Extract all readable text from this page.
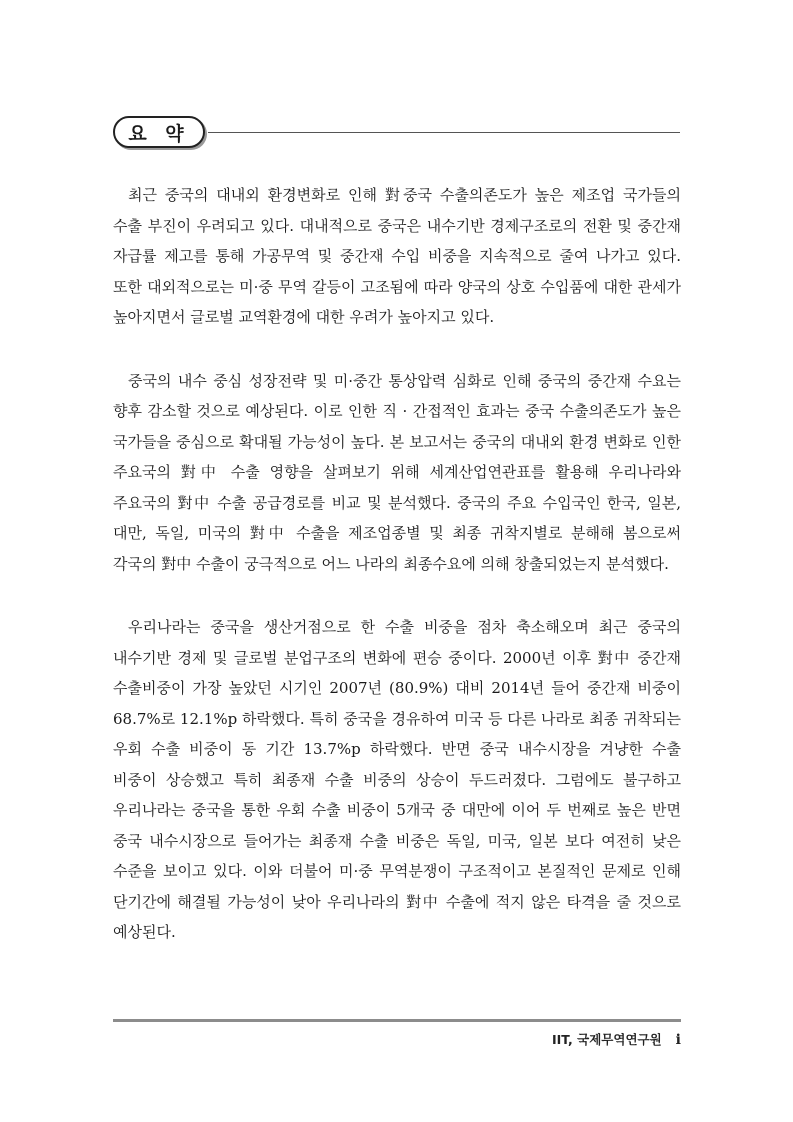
요 약

최근 중국의 대내외 환경변화로 인해 對중국 수출의존도가 높은 제조업 국가들의 수출 부진이 우려되고 있다. 대내적으로 중국은 내수기반 경제구조로의 전환 및 중간재 자급률 제고를 통해 가공무역 및 중간재 수입 비중을 지속적으로 줄여 나가고 있다. 또한 대외적으로는 미·중 무역 갈등이 고조됨에 따라 양국의 상호 수입품에 대한 관세가 높아지면서 글로벌 교역환경에 대한 우려가 높아지고 있다.

중국의 내수 중심 성장전략 및 미·중간 통상압력 심화로 인해 중국의 중간재 수요는 향후 감소할 것으로 예상된다. 이로 인한 직 · 간접적인 효과는 중국 수출의존도가 높은 국가들을 중심으로 확대될 가능성이 높다. 본 보고서는 중국의 대내외 환경 변화로 인한 주요국의 對中 수출 영향을 살펴보기 위해 세계산업연관표를 활용해 우리나라와 주요국의 對中 수출 공급경로를 비교 및 분석했다. 중국의 주요 수입국인 한국, 일본, 대만, 독일, 미국의 對中 수출을 제조업종별 및 최종 귀착지별로 분해해 봄으로써 각국의 對中 수출이 궁극적으로 어느 나라의 최종수요에 의해 창출되었는지 분석했다.

우리나라는 중국을 생산거점으로 한 수출 비중을 점차 축소해오며 최근 중국의 내수기반 경제 및 글로벌 분업구조의 변화에 편승 중이다. 2000년 이후 對中 중간재 수출비중이 가장 높았던 시기인 2007년 (80.9%) 대비 2014년 들어 중간재 비중이 68.7%로 12.1%p 하락했다. 특히 중국을 경유하여 미국 등 다른 나라로 최종 귀착되는 우회 수출 비중이 동 기간 13.7%p 하락했다. 반면 중국 내수시장을 겨냥한 수출 비중이 상승했고 특히 최종재 수출 비중의 상승이 두드러졌다. 그럼에도 불구하고 우리나라는 중국을 통한 우회 수출 비중이 5개국 중 대만에 이어 두 번째로 높은 반면 중국 내수시장으로 들어가는 최종재 수출 비중은 독일, 미국, 일본 보다 여전히 낮은 수준을 보이고 있다. 이와 더불어 미·중 무역분쟁이 구조적이고 본질적인 문제로 인해 단기간에 해결될 가능성이 낮아 우리나라의 對中 수출에 적지 않은 타격을 줄 것으로 예상된다.

IIT, 국제무역연구원 i
